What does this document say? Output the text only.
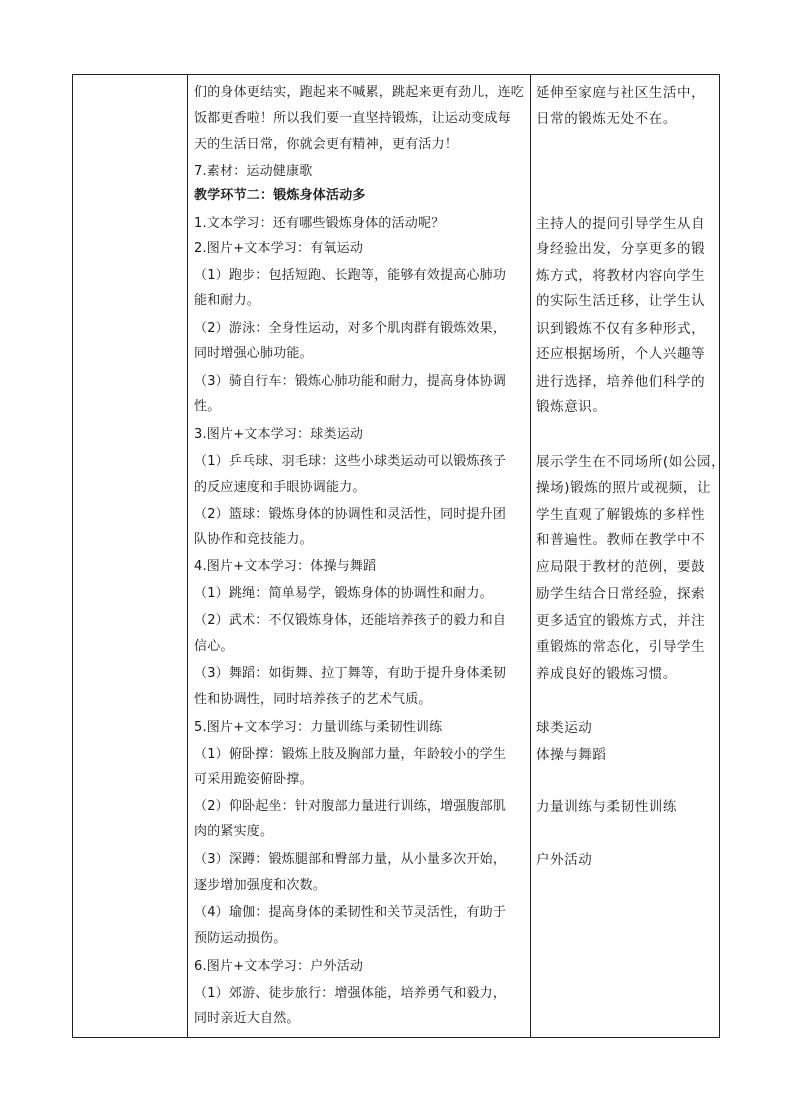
们的身体更结实，跑起来不喊累，跳起来更有劲儿，连吃
饭都更香啦！所以我们要一直坚持锻炼，让运动变成每
天的生活日常，你就会更有精神，更有活力！
7.素材：运动健康歌
教学环节二：锻炼身体活动多
1.文本学习：还有哪些锻炼身体的活动呢？
2.图片+文本学习：有氧运动
（1）跑步：包括短跑、长跑等，能够有效提高心肺功
能和耐力。
（2）游泳：全身性运动，对多个肌肉群有锻炼效果，
同时增强心肺功能。
（3）骑自行车：锻炼心肺功能和耐力，提高身体协调
性。
3.图片+文本学习：球类运动
（1）乒乓球、羽毛球：这些小球类运动可以锻炼孩子
的反应速度和手眼协调能力。
（2）篮球：锻炼身体的协调性和灵活性，同时提升团
队协作和竞技能力。
4.图片+文本学习：体操与舞蹈
（1）跳绳：简单易学，锻炼身体的协调性和耐力。
（2）武术：不仅锻炼身体，还能培养孩子的毅力和自
信心。
（3）舞蹈：如街舞、拉丁舞等，有助于提升身体柔韧
性和协调性，同时培养孩子的艺术气质。
5.图片+文本学习：力量训练与柔韧性训练
（1）俯卧撑：锻炼上肢及胸部力量，年龄较小的学生
可采用跪姿俯卧撑。
（2）仰卧起坐：针对腹部力量进行训练，增强腹部肌
肉的紧实度。
（3）深蹲：锻炼腿部和臀部力量，从小量多次开始，
逐步增加强度和次数。
（4）瑜伽：提高身体的柔韧性和关节灵活性，有助于
预防运动损伤。
6.图片+文本学习：户外活动
（1）郊游、徒步旅行：增强体能，培养勇气和毅力，
同时亲近大自然。
延伸至家庭与社区生活中，
日常的锻炼无处不在。
主持人的提问引导学生从自
身经验出发，分享更多的锻
炼方式，将教材内容向学生
的实际生活迁移，让学生认
识到锻炼不仅有多种形式，
还应根据场所，个人兴趣等
进行选择，培养他们科学的
锻炼意识。
展示学生在不同场所(如公园，
操场)锻炼的照片或视频，让
学生直观了解锻炼的多样性
和普遍性。教师在教学中不
应局限于教材的范例，要鼓
励学生结合日常经验，探索
更多适宜的锻炼方式，并注
重锻炼的常态化，引导学生
养成良好的锻炼习惯。
球类运动
体操与舞蹈
力量训练与柔韧性训练
户外活动
